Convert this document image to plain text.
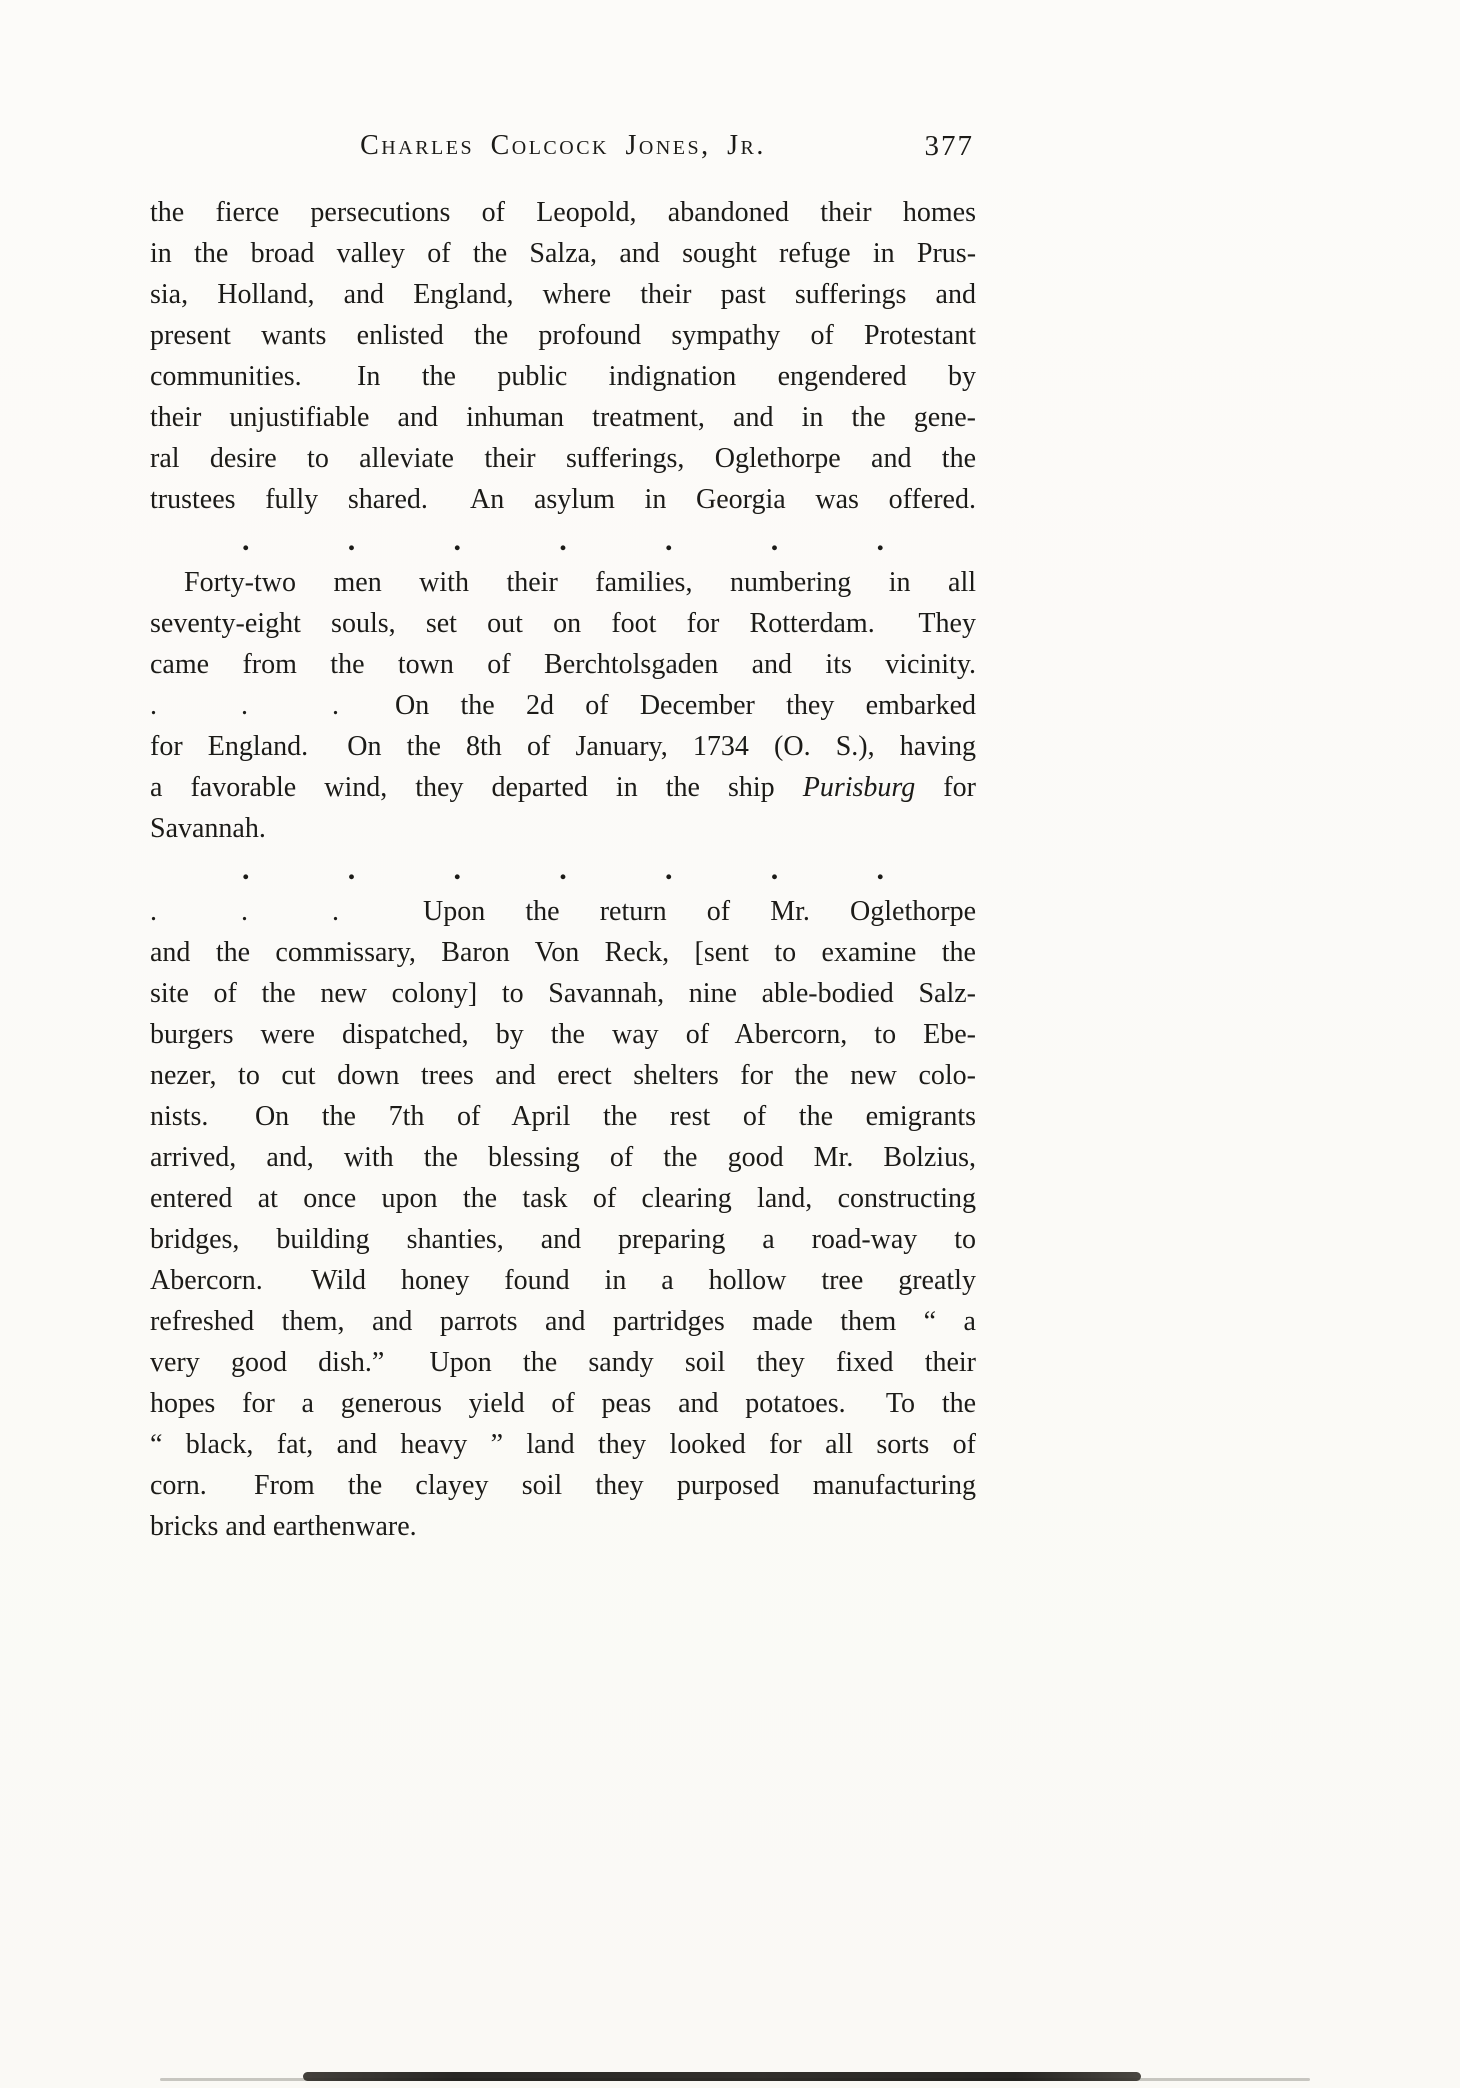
Charles Colcock Jones, Jr.	377
the fierce persecutions of Leopold, abandoned their homes
in the broad valley of the Salza, and sought refuge in Prus-
sia, Holland, and England, where their past sufferings and
present wants enlisted the profound sympathy of Protestant
communities.  In the public indignation engendered by
their unjustifiable and inhuman treatment, and in the gene-
ral desire to alleviate their sufferings, Oglethorpe and the
trustees fully shared.  An asylum in Georgia was offered.
.	.	.	.	.	.	.
Forty-two men with their families, numbering in all
seventy-eight souls, set out on foot for Rotterdam.  They
came from the town of Berchtolsgaden and its vicinity.
.   .   .  On the 2d of December they embarked
for England.  On the 8th of January, 1734 (O. S.), having
a favorable wind, they departed in the ship Purisburg for
Savannah.
.	.	.	.	.	.	.
.   .   .   Upon the return of Mr. Oglethorpe
and the commissary, Baron Von Reck, [sent to examine the
site of the new colony] to Savannah, nine able-bodied Salz-
burgers were dispatched, by the way of Abercorn, to Ebe-
nezer, to cut down trees and erect shelters for the new colo-
nists.  On the 7th of April the rest of the emigrants
arrived, and, with the blessing of the good Mr. Bolzius,
entered at once upon the task of clearing land, constructing
bridges, building shanties, and preparing a road-way to
Abercorn.  Wild honey found in a hollow tree greatly
refreshed them, and parrots and partridges made them “ a
very good dish.”  Upon the sandy soil they fixed their
hopes for a generous yield of peas and potatoes.  To the
“ black, fat, and heavy ” land they looked for all sorts of
corn.  From the clayey soil they purposed manufacturing
bricks and earthenware.
